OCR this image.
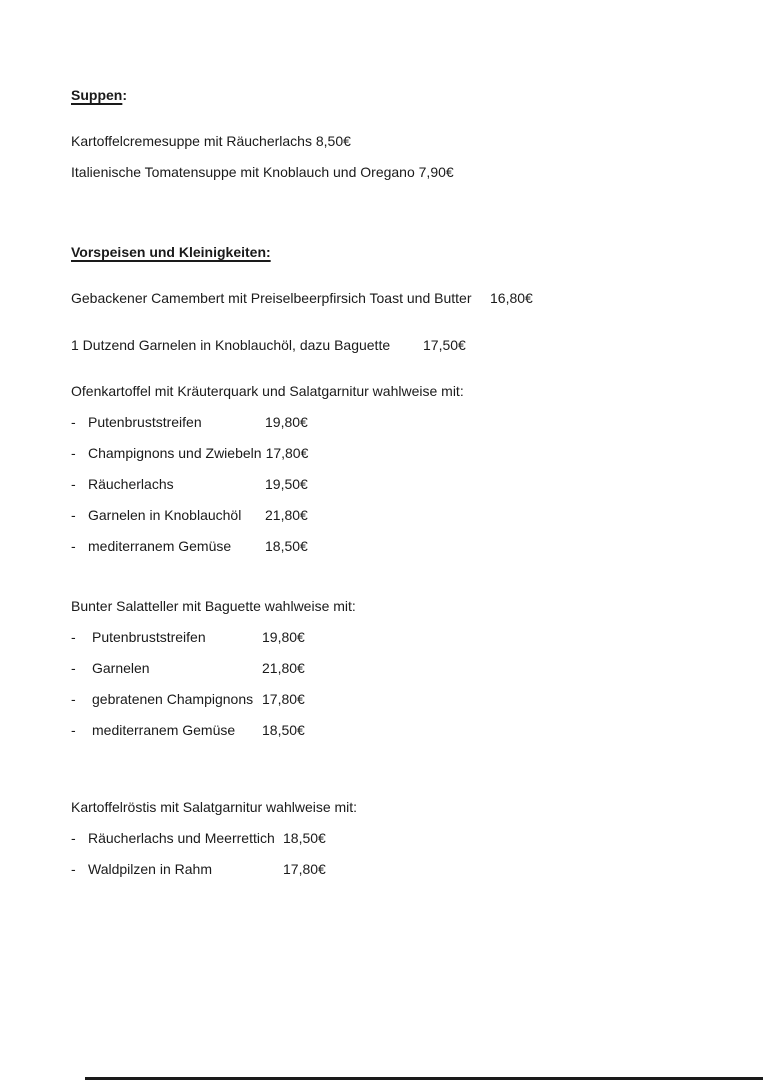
Suppen:

Kartoffelcremesuppe mit Räucherlachs 8,50€

Italienische Tomatensuppe mit Knoblauch und Oregano 7,90€

Vorspeisen und Kleinigkeiten:

Gebackener Camembert mit Preiselbeerpfirsich Toast und Butter	16,80€

1 Dutzend Garnelen in Knoblauchöl, dazu Baguette	17,50€

Ofenkartoffel mit Kräuterquark und Salatgarnitur wahlweise mit:

- Putenbruststreifen	19,80€

- Champignons und Zwiebeln 17,80€

- Räucherlachs	19,50€

- Garnelen in Knoblauchöl	21,80€

- mediterranem Gemüse	18,50€

Bunter Salatteller mit Baguette wahlweise mit:

-	Putenbruststreifen	19,80€

-	Garnelen	21,80€

-	gebratenen Champignons 17,80€

-	mediterranem Gemüse	18,50€

Kartoffelröstis mit Salatgarnitur wahlweise mit:

- Räucherlachs und Meerrettich 18,50€

- Waldpilzen in Rahm	17,80€
